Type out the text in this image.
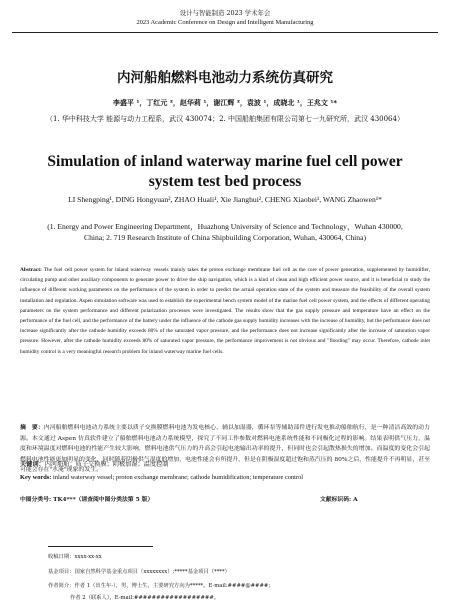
设计与智能制造 2023 学术年会
2023 Academic Conference on Design and Intelligent Manufacturing
内河船舶燃料电池动力系统仿真研究
李盛平 ¹，丁红元 ²，赵华莉 ¹，谢江辉 ²，袁波 ¹，成晓北 ¹，王兆文 ¹*
（1. 华中科技大学 能源与动力工程系，武汉 430074；2. 中国船舶集团有限公司第七一九研究所，武汉 430064）
Simulation of inland waterway marine fuel cell power system test bed process
LI Shengping¹, DING Hongyuan², ZHAO Huali¹, Xie Jianghui², CHENG Xiaobei¹, WANG Zhaowen¹*
(1. Energy and Power Engineering Department，Huazhong University of Science and Technology，Wuhan 430000, China; 2. 719 Research Institute of China Shipbuilding Corporation, Wuhan, 430064, China)
Abstract: The fuel cell power system for inland waterway vessels mainly takes the proton exchange membrane fuel cell as the core of power generation, supplemented by humidifier, circulating pump and other auxiliary components to generate power to drive the ship navigation, which is a kind of clean and high efficient power source, and it is beneficial to study the influence of different working parameters on the performance of the system in order to predict the actual operation state of the system and measure the feasibility of the overall system installation and regulation. Aspen simulation software was used to establish the experimental bench system model of the marine fuel cell power system, and the effects of different operating parameters on the system performance and different polarization processes were investigated. The results show that the gas supply pressure and temperature have an effect on the performance of the fuel cell, and the performance of the battery under the influence of the cathode gas supply humidity increases with the increase of humidity, but the performance does not increase significantly after the cathode humidity exceeds 80% of the saturated vapor pressure, and the performance does not increase significantly after the increase of saturation vapor pressure. However, after the cathode humidity exceeds 80% of saturated vapor pressure, the performance improvement is not obvious and "flooding" may occur. Therefore, cathode inlet humidity control is a very meaningful research problem for inland waterway marine fuel cells.
摘　要：内河船舶燃料电池动力系统主要以质子交换膜燃料电池为发电核心，辅以加湿器，循环泵等辅助部件进行发电推动船舶航行，是一种清洁高效的动力源。本文通过 Aspen 仿真软件建立了船舶燃料电池动力系统模型，探究了不同工作参数对燃料电池系统性能和不同极化过程的影响。结果表明供气压力，温度和环境温度对燃料电池的性能产生较大影响，燃料电池供气压力的升高会引起电池输出功率的提升，但同时也会引起散热损失的增加。而温度的变化会引起燃料电池性能更加明显的变化，同时随着阴极供气湿度的增加，电池性能会有所提升，但是在阴极湿度超过饱和蒸汽压的 80%之后，性能提升不再明显，甚至可能会存在"水淹"现象的发生。
关键词：内河船舶；质子交换膜；阴极加湿；温度控制
Key words: inland waterway vessel; proton exchange membrane; cathode humidification; temperature control
中图分类号: TK4***（请查阅中图分类法第 5 版）	文献标识码: A
收稿日期：xxxx-xx-xx
基金项目：国家自然科学基金重点项目（xxxxxxxx）;*****基金项目（****）
作者简介：作者 1（出生年-），男，博士生，主要研究方向为*****。E-mail:####@####；
作者 2（联系人），E-mail:##################。
